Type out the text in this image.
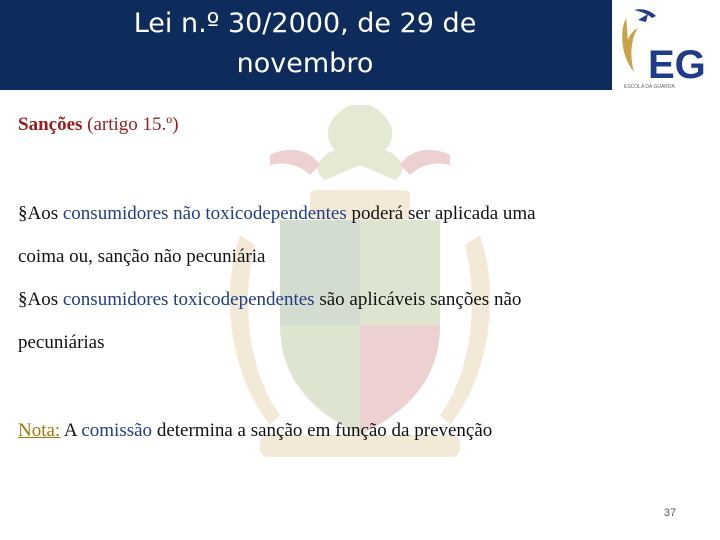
Lei n.º 30/2000, de 29 de
novembro	EG
ESCOLA DA GUARDA
Sanções (artigo 15.º)
§Aos consumidores não toxicodependentes poderá ser aplicada uma
coima ou, sanção não pecuniária
§Aos consumidores toxicodependentes são aplicáveis sanções não
pecuniárias
Nota: A comissão determina a sanção em função da prevenção
37
